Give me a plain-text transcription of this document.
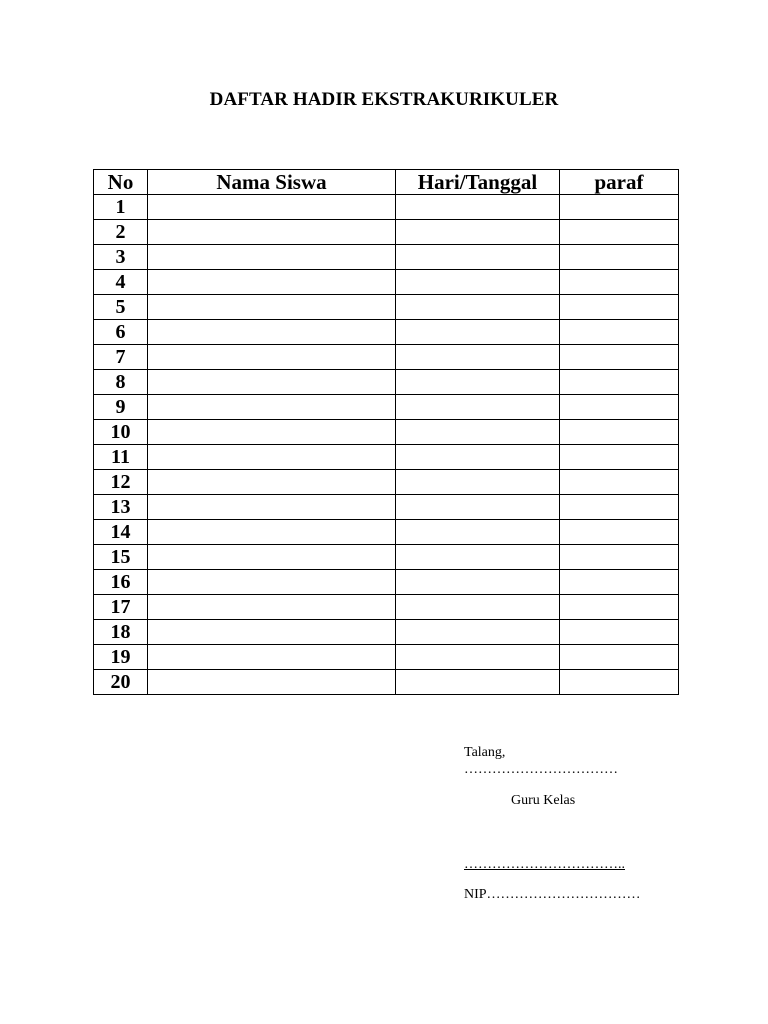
DAFTAR HADIR EKSTRAKURIKULER
No	Nama Siswa	Hari/Tanggal	paraf
1			
2			
3			
4			
5			
6			
7			
8			
9			
10			
11			
12			
13			
14			
15			
16			
17			
18			
19			
20			
Talang,
……………………………
Guru Kelas
……………………………..
NIP……………………………
